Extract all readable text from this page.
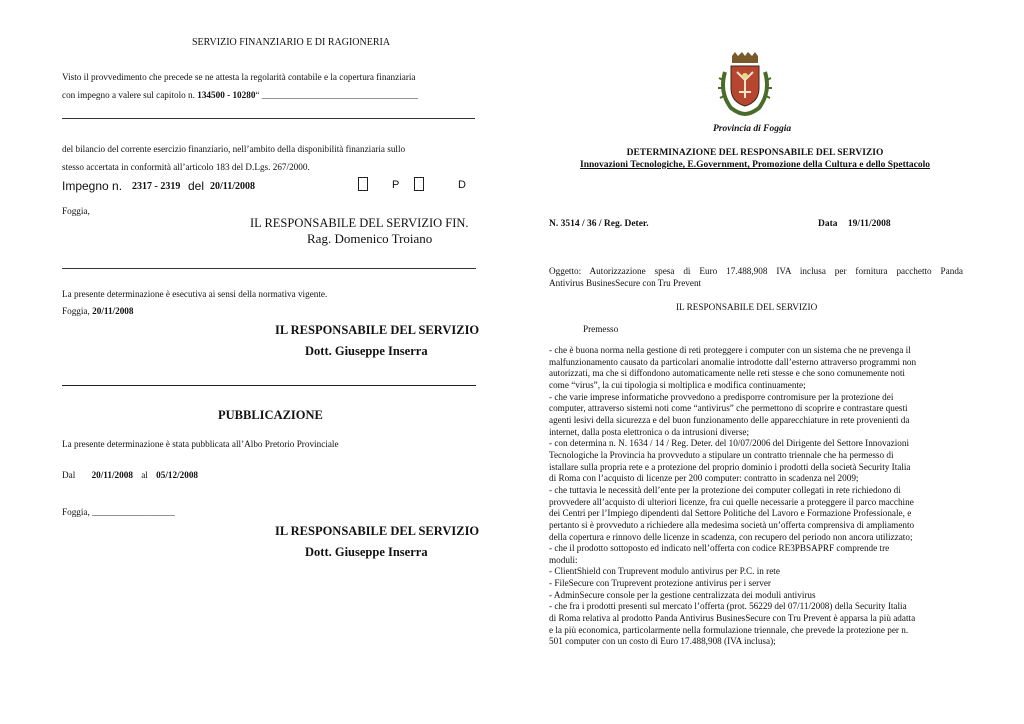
SERVIZIO FINANZIARIO E DI RAGIONERIA
Visto il provvedimento che precede se ne attesta la regolarità contabile e la copertura finanziaria
con impegno a valere sul capitolo n. 134500 - 10280“ __________________________________
del bilancio del corrente esercizio finanziario, nell’ambito della disponibilità finanziaria sullo
stesso accertata in conformità all’articolo 183 del D.Lgs. 267/2000.
Impegno n. 2317 - 2319 del 20/11/2008	P	D
Foggia,
IL RESPONSABILE DEL SERVIZIO FIN.
Rag. Domenico Troiano
La presente determinazione è esecutiva ai sensi della normativa vigente.
Foggia, 20/11/2008
IL RESPONSABILE DEL SERVIZIO
Dott. Giuseppe Inserra
PUBBLICAZIONE
La presente determinazione è stata pubblicata all’Albo Pretorio Provinciale
Dal 20/11/2008 al 05/12/2008
Foggia, __________________
IL RESPONSABILE DEL SERVIZIO
Dott. Giuseppe Inserra
Provincia di Foggia
DETERMINAZIONE DEL RESPONSABILE DEL SERVIZIO
Innovazioni Tecnologiche, E.Government, Promozione della Cultura e dello Spettacolo
N. 3514 / 36 / Reg. Deter.	Data 19/11/2008
Oggetto: Autorizzazione spesa di Euro 17.488,908 IVA inclusa per fornitura pacchetto Panda
Antivirus BusinesSecure con Tru Prevent
IL RESPONSABILE DEL SERVIZIO
Premesso
- che è buona norma nella gestione di reti proteggere i computer con un sistema che ne prevenga il
malfunzionamento causato da particolari anomalie introdotte dall’esterno attraverso programmi non
autorizzati, ma che si diffondono automaticamente nelle reti stesse e che sono comunemente noti
come “virus”, la cui tipologia si moltiplica e modifica continuamente;
- che varie imprese informatiche provvedono a predisporre contromisure per la protezione dei
computer, attraverso sistemi noti come “antivirus” che permettono di scoprire e contrastare questi
agenti lesivi della sicurezza e del buon funzionamento delle apparecchiature in rete provenienti da
internet, dalla posta elettronica o da intrusioni diverse;
- con determina n. N. 1634 / 14 / Reg. Deter. del 10/07/2006 del Dirigente del Settore Innovazioni
Tecnologiche la Provincia ha provveduto a stipulare un contratto triennale che ha permesso di
istallare sulla propria rete e a protezione del proprio dominio i prodotti della società Security Italia
di Roma con l’acquisto di licenze per 200 computer: contratto in scadenza nel 2009;
- che tuttavia le necessità dell’ente per la protezione dei computer collegati in rete richiedono di
provvedere all’acquisto di ulteriori licenze, fra cui quelle necessarie a proteggere il parco macchine
dei Centri per l’Impiego dipendenti dal Settore Politiche del Lavoro e Formazione Professionale, e
pertanto si è provveduto a richiedere alla medesima società un’offerta comprensiva di ampliamento
della copertura e rinnovo delle licenze in scadenza, con recupero del periodo non ancora utilizzato;
- che il prodotto sottoposto ed indicato nell’offerta con codice RE3PBSAPRF comprende tre
moduli:
- ClientShield con Truprevent modulo antivirus per P.C. in rete
- FileSecure con Truprevent protezione antivirus per i server
- AdminSecure console per la gestione centralizzata dei moduli antivirus
- che fra i prodotti presenti sul mercato l’offerta (prot. 56229 del 07/11/2008) della Security Italia
di Roma relativa al prodotto Panda Antivirus BusinesSecure con Tru Prevent è apparsa la più adatta
e la più economica, particolarmente nella formulazione triennale, che prevede la protezione per n.
501 computer con un costo di Euro 17.488,908 (IVA inclusa);
